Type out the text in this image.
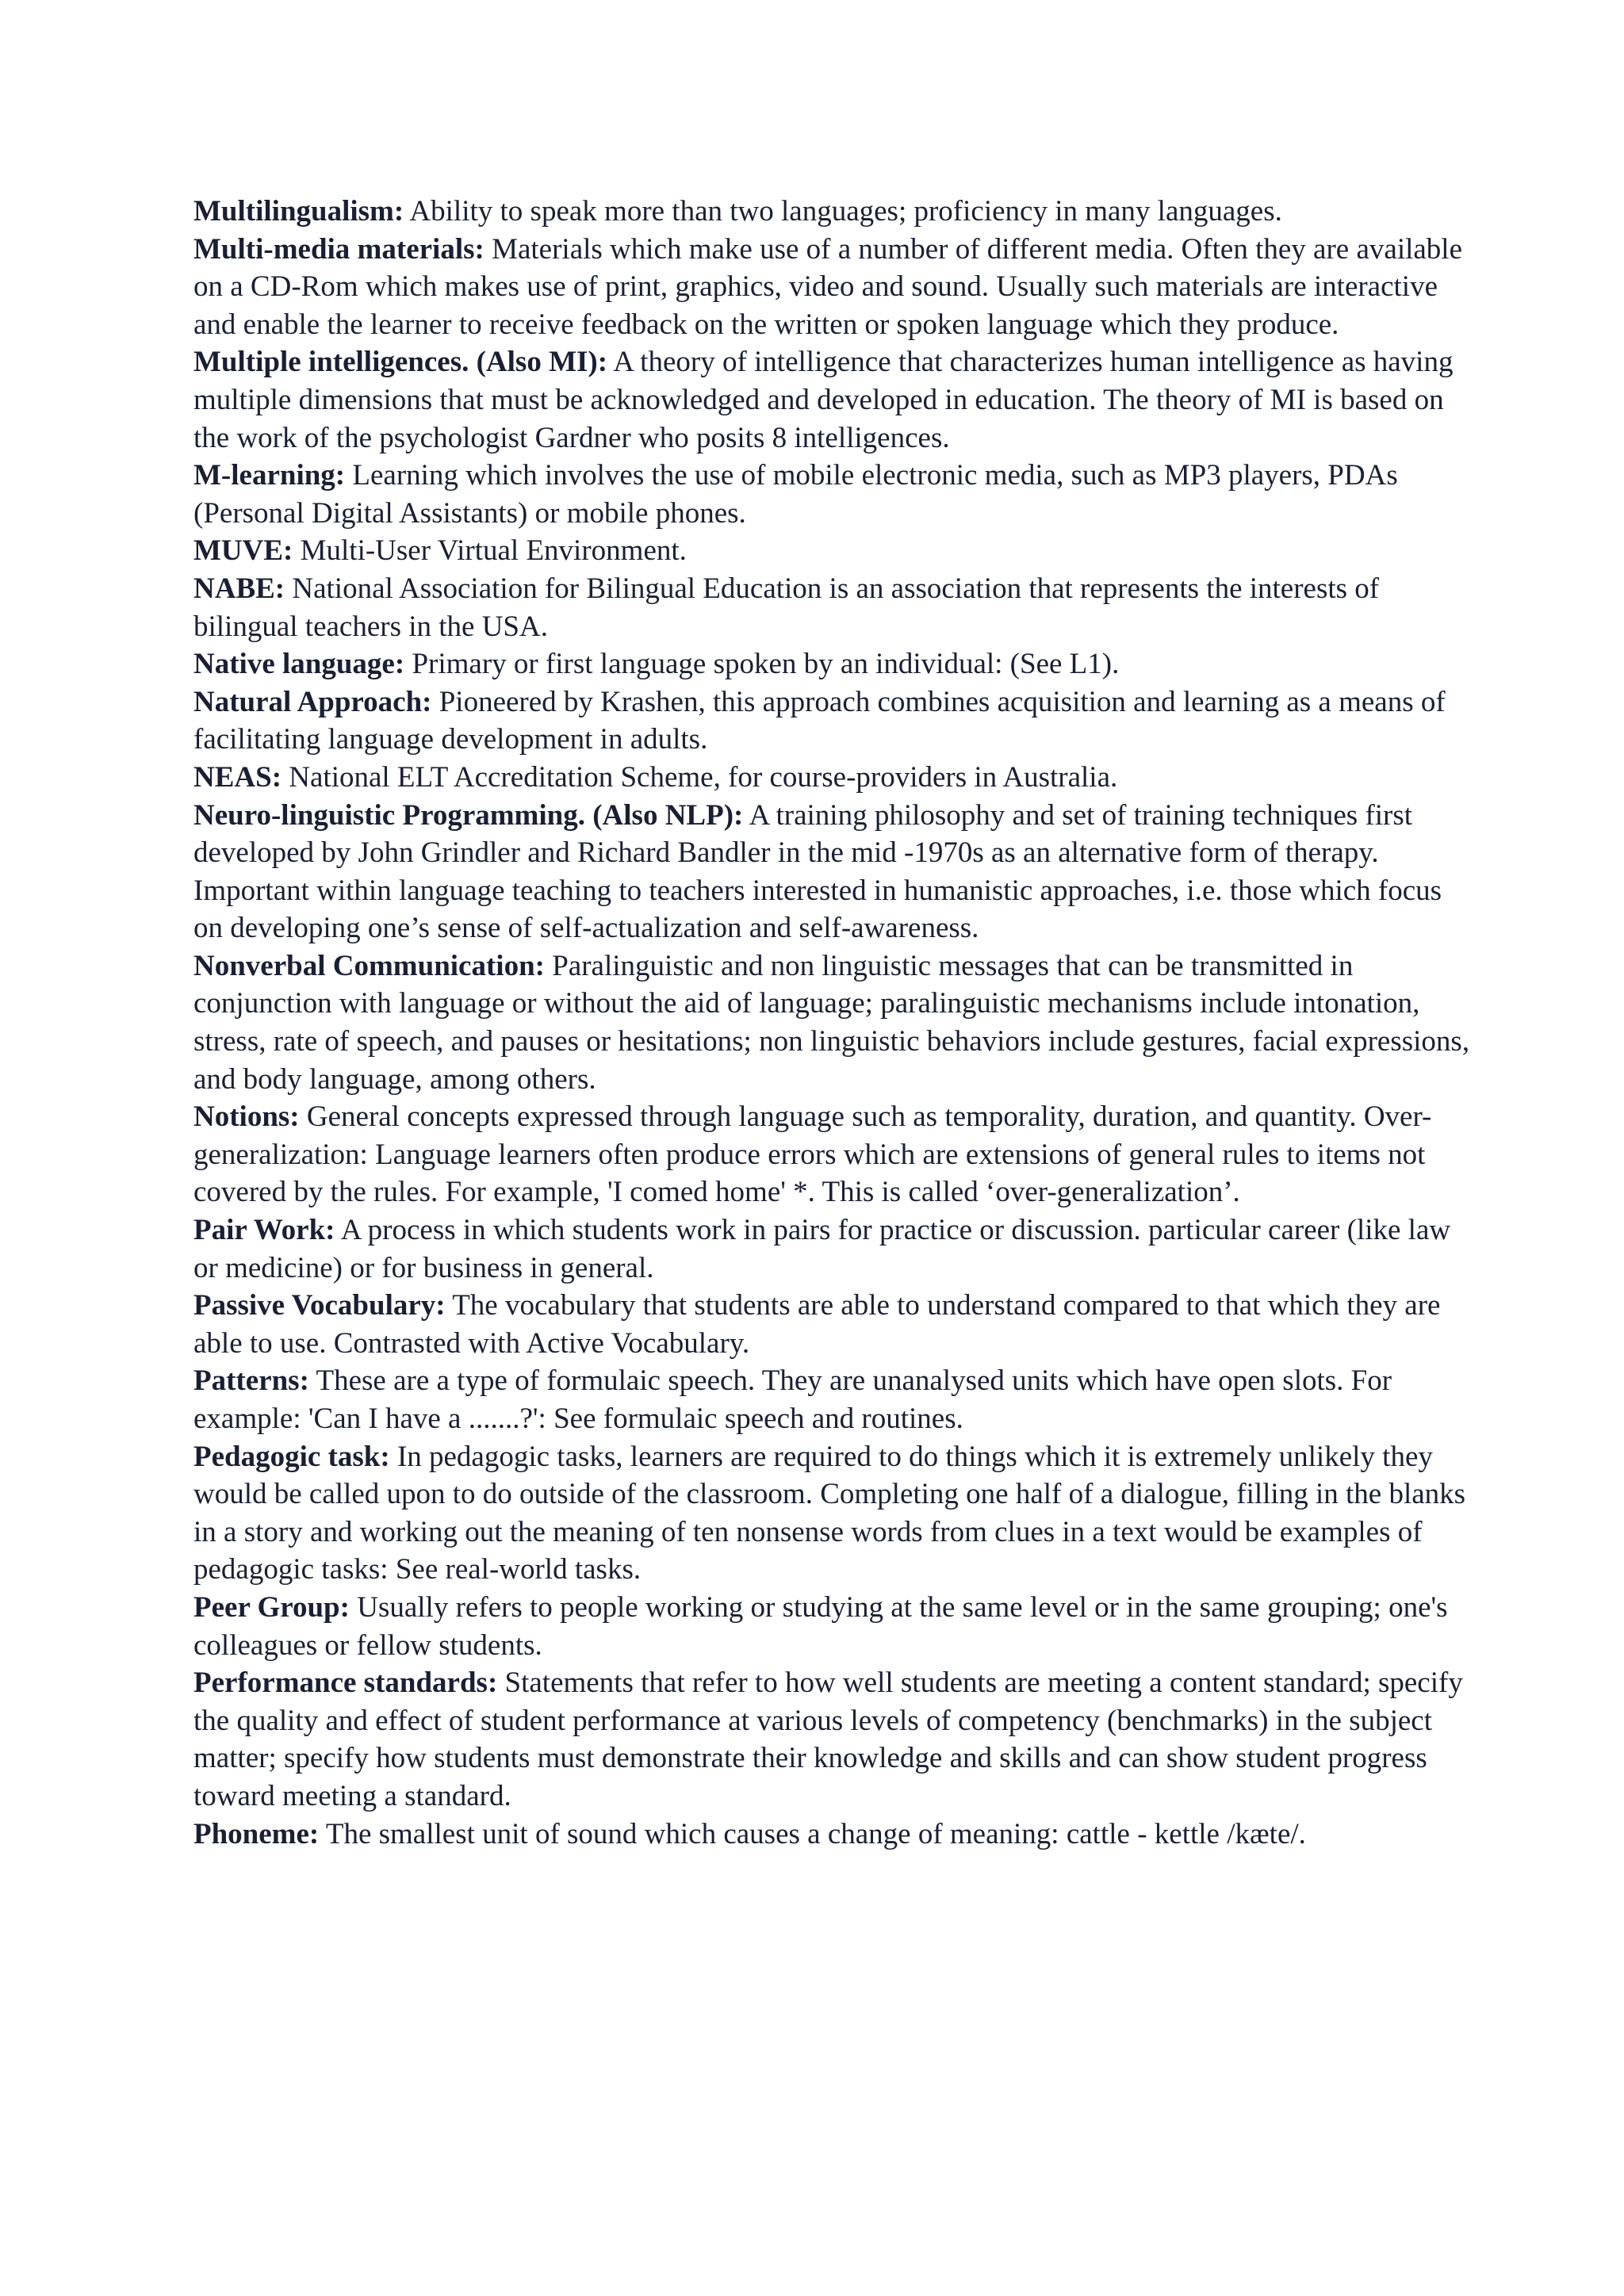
Multilingualism: Ability to speak more than two languages; proficiency in many languages.

Multi-media materials: Materials which make use of a number of different media. Often they are available on a CD-Rom which makes use of print, graphics, video and sound. Usually such materials are interactive and enable the learner to receive feedback on the written or spoken language which they produce.

Multiple intelligences. (Also MI): A theory of intelligence that characterizes human intelligence as having multiple dimensions that must be acknowledged and developed in education. The theory of MI is based on the work of the psychologist Gardner who posits 8 intelligences.

M-learning: Learning which involves the use of mobile electronic media, such as MP3 players, PDAs (Personal Digital Assistants) or mobile phones.

MUVE: Multi-User Virtual Environment.

NABE: National Association for Bilingual Education is an association that represents the interests of bilingual teachers in the USA.

Native language: Primary or first language spoken by an individual: (See L1).

Natural Approach: Pioneered by Krashen, this approach combines acquisition and learning as a means of facilitating language development in adults.

NEAS: National ELT Accreditation Scheme, for course-providers in Australia.

Neuro-linguistic Programming. (Also NLP): A training philosophy and set of training techniques first developed by John Grindler and Richard Bandler in the mid -1970s as an alternative form of therapy. Important within language teaching to teachers interested in humanistic approaches, i.e. those which focus on developing one’s sense of self-actualization and self-awareness.

Nonverbal Communication: Paralinguistic and non linguistic messages that can be transmitted in conjunction with language or without the aid of language; paralinguistic mechanisms include intonation, stress, rate of speech, and pauses or hesitations; non linguistic behaviors include gestures, facial expressions, and body language, among others.

Notions: General concepts expressed through language such as temporality, duration, and quantity. Over-generalization: Language learners often produce errors which are extensions of general rules to items not covered by the rules. For example, 'I comed home' *. This is called ‘over-generalization’.

Pair Work: A process in which students work in pairs for practice or discussion. particular career (like law or medicine) or for business in general.

Passive Vocabulary: The vocabulary that students are able to understand compared to that which they are able to use. Contrasted with Active Vocabulary.

Patterns: These are a type of formulaic speech. They are unanalysed units which have open slots. For example: 'Can I have a .......?': See formulaic speech and routines.

Pedagogic task: In pedagogic tasks, learners are required to do things which it is extremely unlikely they would be called upon to do outside of the classroom. Completing one half of a dialogue, filling in the blanks in a story and working out the meaning of ten nonsense words from clues in a text would be examples of pedagogic tasks: See real-world tasks.

Peer Group: Usually refers to people working or studying at the same level or in the same grouping; one's colleagues or fellow students.

Performance standards: Statements that refer to how well students are meeting a content standard; specify the quality and effect of student performance at various levels of competency (benchmarks) in the subject matter; specify how students must demonstrate their knowledge and skills and can show student progress toward meeting a standard.

Phoneme: The smallest unit of sound which causes a change of meaning: cattle - kettle /kæte/.
